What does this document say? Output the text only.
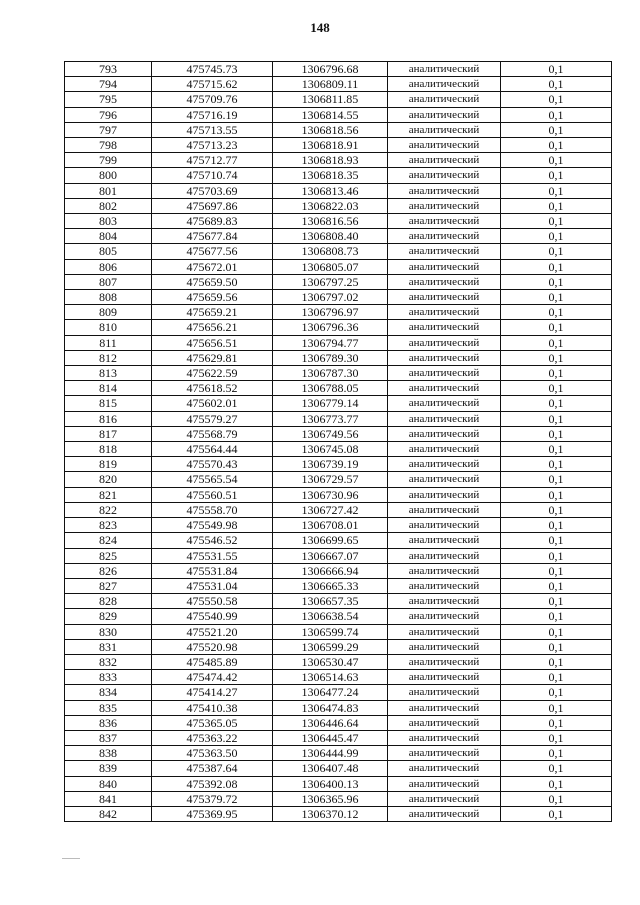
148
793	475745.73	1306796.68	аналитический	0,1
794	475715.62	1306809.11	аналитический	0,1
795	475709.76	1306811.85	аналитический	0,1
796	475716.19	1306814.55	аналитический	0,1
797	475713.55	1306818.56	аналитический	0,1
798	475713.23	1306818.91	аналитический	0,1
799	475712.77	1306818.93	аналитический	0,1
800	475710.74	1306818.35	аналитический	0,1
801	475703.69	1306813.46	аналитический	0,1
802	475697.86	1306822.03	аналитический	0,1
803	475689.83	1306816.56	аналитический	0,1
804	475677.84	1306808.40	аналитический	0,1
805	475677.56	1306808.73	аналитический	0,1
806	475672.01	1306805.07	аналитический	0,1
807	475659.50	1306797.25	аналитический	0,1
808	475659.56	1306797.02	аналитический	0,1
809	475659.21	1306796.97	аналитический	0,1
810	475656.21	1306796.36	аналитический	0,1
811	475656.51	1306794.77	аналитический	0,1
812	475629.81	1306789.30	аналитический	0,1
813	475622.59	1306787.30	аналитический	0,1
814	475618.52	1306788.05	аналитический	0,1
815	475602.01	1306779.14	аналитический	0,1
816	475579.27	1306773.77	аналитический	0,1
817	475568.79	1306749.56	аналитический	0,1
818	475564.44	1306745.08	аналитический	0,1
819	475570.43	1306739.19	аналитический	0,1
820	475565.54	1306729.57	аналитический	0,1
821	475560.51	1306730.96	аналитический	0,1
822	475558.70	1306727.42	аналитический	0,1
823	475549.98	1306708.01	аналитический	0,1
824	475546.52	1306699.65	аналитический	0,1
825	475531.55	1306667.07	аналитический	0,1
826	475531.84	1306666.94	аналитический	0,1
827	475531.04	1306665.33	аналитический	0,1
828	475550.58	1306657.35	аналитический	0,1
829	475540.99	1306638.54	аналитический	0,1
830	475521.20	1306599.74	аналитический	0,1
831	475520.98	1306599.29	аналитический	0,1
832	475485.89	1306530.47	аналитический	0,1
833	475474.42	1306514.63	аналитический	0,1
834	475414.27	1306477.24	аналитический	0,1
835	475410.38	1306474.83	аналитический	0,1
836	475365.05	1306446.64	аналитический	0,1
837	475363.22	1306445.47	аналитический	0,1
838	475363.50	1306444.99	аналитический	0,1
839	475387.64	1306407.48	аналитический	0,1
840	475392.08	1306400.13	аналитический	0,1
841	475379.72	1306365.96	аналитический	0,1
842	475369.95	1306370.12	аналитический	0,1
